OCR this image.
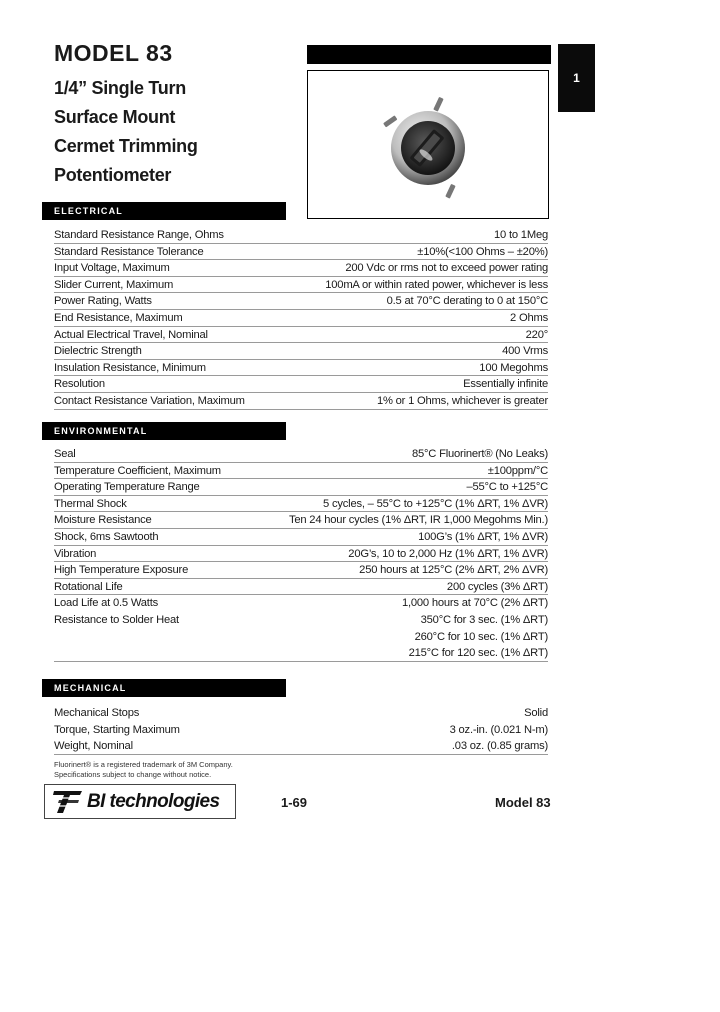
MODEL 83
1/4” Single Turn
Surface Mount
Cermet Trimming
Potentiometer
1
ELECTRICAL
Standard Resistance Range, Ohms	10 to 1Meg
Standard Resistance Tolerance	±10%(<100 Ohms – ±20%)
Input Voltage, Maximum	200 Vdc or rms not to exceed power rating
Slider Current, Maximum	100mA or within rated power, whichever is less
Power Rating, Watts	0.5 at 70°C derating to 0 at 150°C
End Resistance, Maximum	2 Ohms
Actual Electrical Travel, Nominal	220°
Dielectric Strength	400 Vrms
Insulation Resistance, Minimum	100 Megohms
Resolution	Essentially infinite
Contact Resistance Variation, Maximum	1% or 1 Ohms, whichever is greater
ENVIRONMENTAL
Seal	85°C Fluorinert® (No Leaks)
Temperature Coefficient, Maximum	±100ppm/°C
Operating Temperature Range	–55°C to +125°C
Thermal Shock	5 cycles, – 55°C to +125°C (1% ΔRT, 1% ΔVR)
Moisture Resistance	Ten 24 hour cycles (1% ΔRT, IR 1,000 Megohms Min.)
Shock, 6ms Sawtooth	100G’s (1% ΔRT, 1% ΔVR)
Vibration	20G’s, 10 to 2,000 Hz (1% ΔRT, 1% ΔVR)
High Temperature Exposure	250 hours at 125°C (2% ΔRT, 2% ΔVR)
Rotational Life	200 cycles (3% ΔRT)
Load Life at 0.5 Watts	1,000 hours at 70°C (2% ΔRT)
Resistance to Solder Heat	350°C for 3 sec. (1% ΔRT)
260°C for 10 sec. (1% ΔRT)
215°C for 120 sec. (1% ΔRT)
MECHANICAL
Mechanical Stops	Solid
Torque, Starting Maximum	3 oz.-in. (0.021 N-m)
Weight, Nominal	.03 oz. (0.85 grams)
Fluorinert® is a registered trademark of 3M Company.
Specifications subject to change without notice.
BI technologies	1-69	Model 83
